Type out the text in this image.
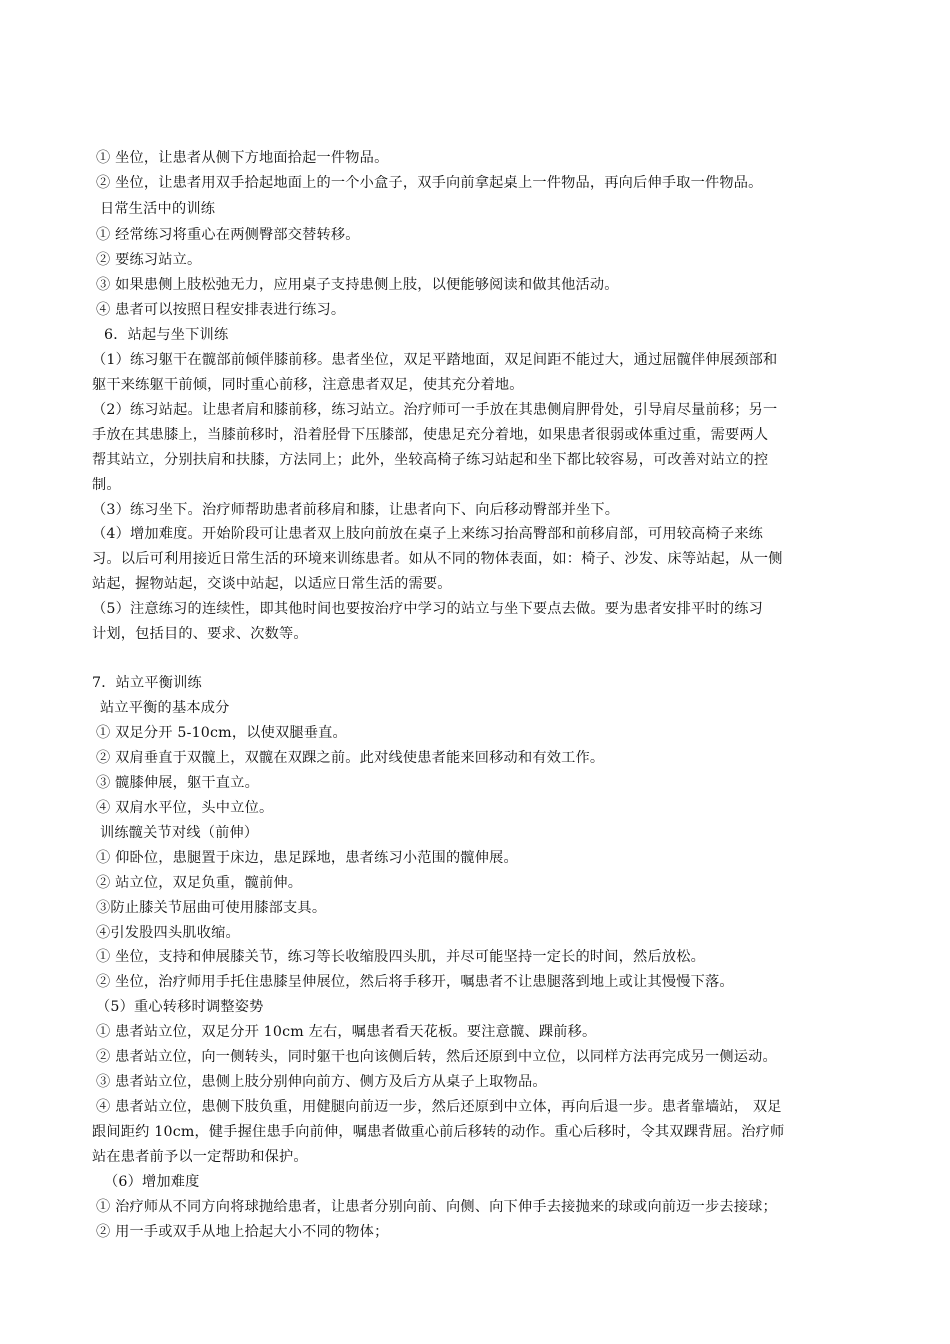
① 坐位，让患者从侧下方地面拾起一件物品。
② 坐位，让患者用双手拾起地面上的一个小盒子，双手向前拿起桌上一件物品，再向后伸手取一件物品。
日常生活中的训练
① 经常练习将重心在两侧臀部交替转移。
② 要练习站立。
③ 如果患侧上肢松弛无力，应用桌子支持患侧上肢，以便能够阅读和做其他活动。
④ 患者可以按照日程安排表进行练习。
6．站起与坐下训练
（1）练习躯干在髋部前倾伴膝前移。患者坐位，双足平踏地面，双足间距不能过大，通过屈髋伴伸展颈部和
躯干来练躯干前倾，同时重心前移，注意患者双足，使其充分着地。
（2）练习站起。让患者肩和膝前移，练习站立。治疗师可一手放在其患侧肩胛骨处，引导肩尽量前移；另一
手放在其患膝上，当膝前移时，沿着胫骨下压膝部，使患足充分着地，如果患者很弱或体重过重，需要两人
帮其站立，分别扶肩和扶膝，方法同上；此外，坐较高椅子练习站起和坐下都比较容易，可改善对站立的控
制。
（3）练习坐下。治疗师帮助患者前移肩和膝，让患者向下、向后移动臀部并坐下。
（4）增加难度。开始阶段可让患者双上肢向前放在桌子上来练习抬高臀部和前移肩部，可用较高椅子来练
习。以后可利用接近日常生活的环境来训练患者。如从不同的物体表面，如：椅子、沙发、床等站起，从一侧
站起，握物站起，交谈中站起，以适应日常生活的需要。
（5）注意练习的连续性，即其他时间也要按治疗中学习的站立与坐下要点去做。要为患者安排平时的练习
计划，包括目的、要求、次数等。
7．站立平衡训练
站立平衡的基本成分
① 双足分开 5-10cm，以使双腿垂直。
② 双肩垂直于双髋上，双髋在双踝之前。此对线使患者能来回移动和有效工作。
③ 髋膝伸展，躯干直立。
④ 双肩水平位，头中立位。
训练髋关节对线（前伸）
① 仰卧位，患腿置于床边，患足踩地，患者练习小范围的髋伸展。
② 站立位，双足负重，髋前伸。
③防止膝关节屈曲可使用膝部支具。
④引发股四头肌收缩。
① 坐位，支持和伸展膝关节，练习等长收缩股四头肌，并尽可能坚持一定长的时间，然后放松。
② 坐位，治疗师用手托住患膝呈伸展位，然后将手移开，嘱患者不让患腿落到地上或让其慢慢下落。
（5）重心转移时调整姿势
① 患者站立位，双足分开 10cm 左右，嘱患者看天花板。要注意髋、踝前移。
② 患者站立位，向一侧转头，同时躯干也向该侧后转，然后还原到中立位，以同样方法再完成另一侧运动。
③ 患者站立位，患侧上肢分别伸向前方、侧方及后方从桌子上取物品。
④ 患者站立位，患侧下肢负重，用健腿向前迈一步，然后还原到中立体，再向后退一步。患者靠墙站， 双足
跟间距约 10cm，健手握住患手向前伸，嘱患者做重心前后移转的动作。重心后移时，令其双踝背屈。治疗师
站在患者前予以一定帮助和保护。
（6）增加难度
① 治疗师从不同方向将球抛给患者，让患者分别向前、向侧、向下伸手去接抛来的球或向前迈一步去接球；
② 用一手或双手从地上拾起大小不同的物体；
